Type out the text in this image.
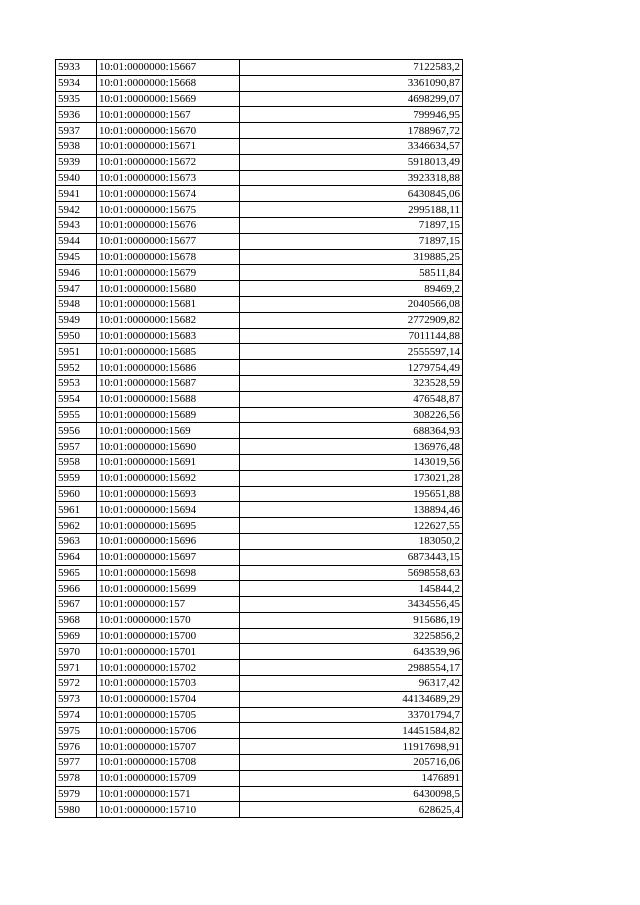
5933	10:01:0000000:15667	7122583,2
5934	10:01:0000000:15668	3361090,87
5935	10:01:0000000:15669	4698299,07
5936	10:01:0000000:1567	799946,95
5937	10:01:0000000:15670	1788967,72
5938	10:01:0000000:15671	3346634,57
5939	10:01:0000000:15672	5918013,49
5940	10:01:0000000:15673	3923318,88
5941	10:01:0000000:15674	6430845,06
5942	10:01:0000000:15675	2995188,11
5943	10:01:0000000:15676	71897,15
5944	10:01:0000000:15677	71897,15
5945	10:01:0000000:15678	319885,25
5946	10:01:0000000:15679	58511,84
5947	10:01:0000000:15680	89469,2
5948	10:01:0000000:15681	2040566,08
5949	10:01:0000000:15682	2772909,82
5950	10:01:0000000:15683	7011144,88
5951	10:01:0000000:15685	2555597,14
5952	10:01:0000000:15686	1279754,49
5953	10:01:0000000:15687	323528,59
5954	10:01:0000000:15688	476548,87
5955	10:01:0000000:15689	308226,56
5956	10:01:0000000:1569	688364,93
5957	10:01:0000000:15690	136976,48
5958	10:01:0000000:15691	143019,56
5959	10:01:0000000:15692	173021,28
5960	10:01:0000000:15693	195651,88
5961	10:01:0000000:15694	138894,46
5962	10:01:0000000:15695	122627,55
5963	10:01:0000000:15696	183050,2
5964	10:01:0000000:15697	6873443,15
5965	10:01:0000000:15698	5698558,63
5966	10:01:0000000:15699	145844,2
5967	10:01:0000000:157	3434556,45
5968	10:01:0000000:1570	915686,19
5969	10:01:0000000:15700	3225856,2
5970	10:01:0000000:15701	643539,96
5971	10:01:0000000:15702	2988554,17
5972	10:01:0000000:15703	96317,42
5973	10:01:0000000:15704	44134689,29
5974	10:01:0000000:15705	33701794,7
5975	10:01:0000000:15706	14451584,82
5976	10:01:0000000:15707	11917698,91
5977	10:01:0000000:15708	205716,06
5978	10:01:0000000:15709	1476891
5979	10:01:0000000:1571	6430098,5
5980	10:01:0000000:15710	628625,4
